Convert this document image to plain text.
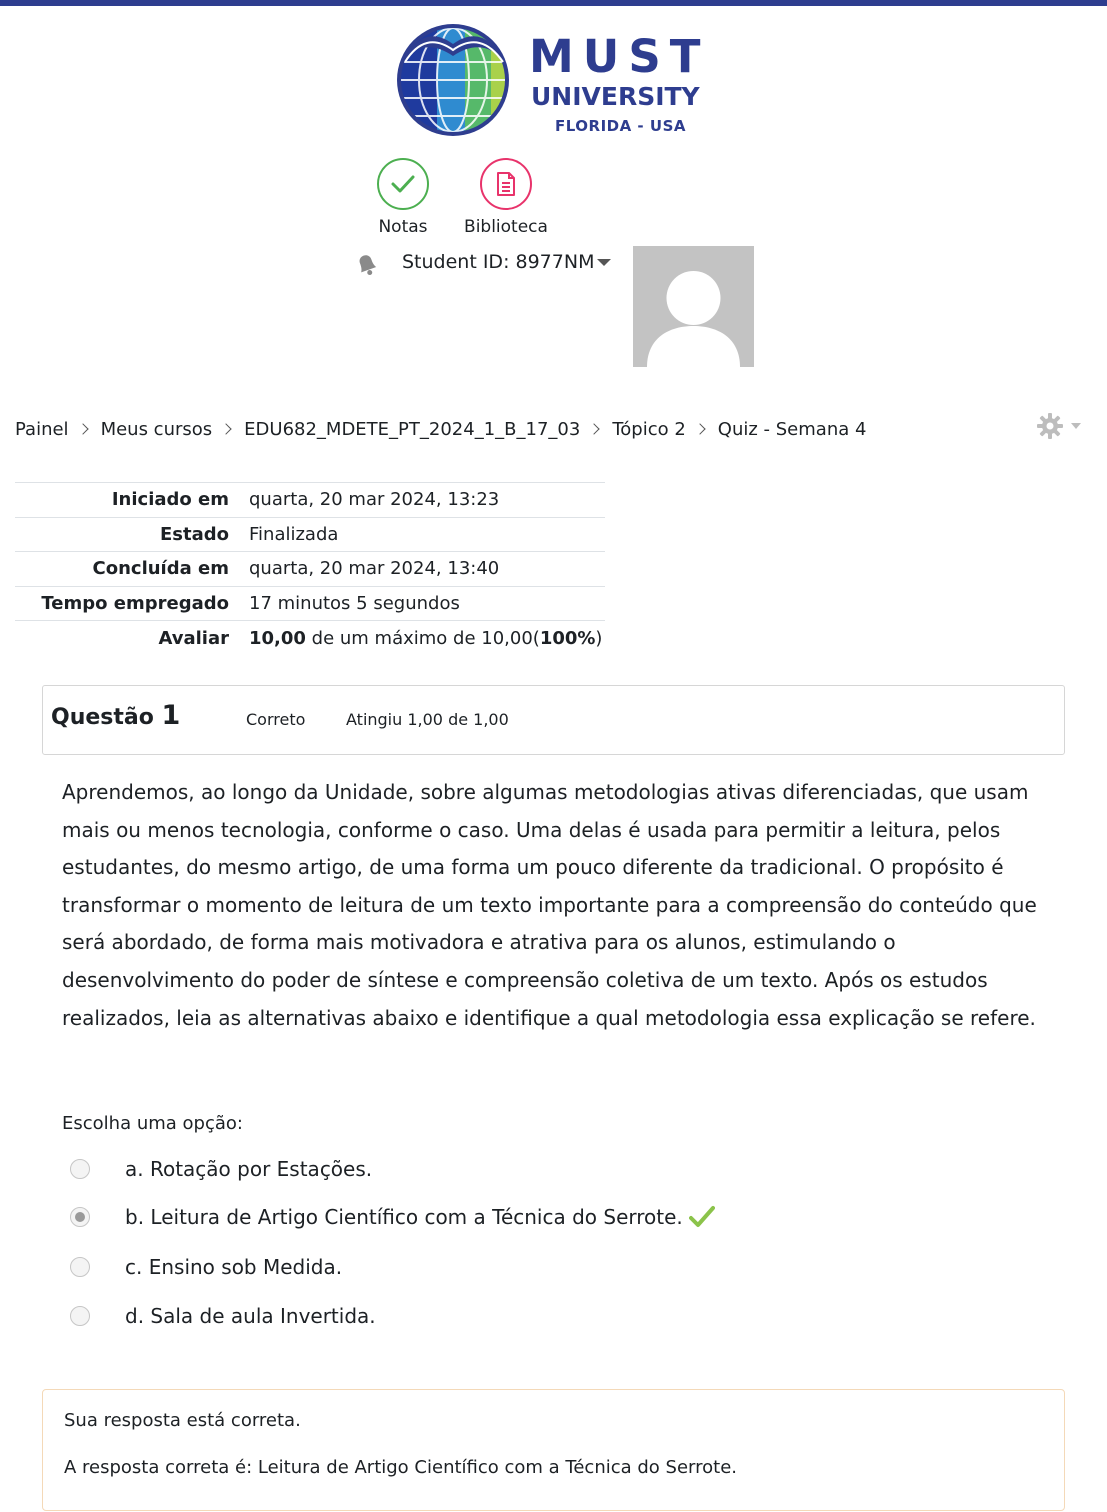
MUST
UNIVERSITY
FLORIDA - USA
Notas	Biblioteca
Student ID: 8977NM
Painel Meus cursos EDU682_MDETE_PT_2024_1_B_17_03 Tópico 2 Quiz - Semana 4
Iniciado em	quarta, 20 mar 2024, 13:23
Estado	Finalizada
Concluída em	quarta, 20 mar 2024, 13:40
Tempo empregado	17 minutos 5 segundos
Avaliar	10,00 de um máximo de 10,00(100%)
Questão 1	Correto	Atingiu 1,00 de 1,00
Aprendemos, ao longo da Unidade, sobre algumas metodologias ativas diferenciadas, que usam mais ou menos tecnologia, conforme o caso. Uma delas é usada para permitir a leitura, pelos estudantes, do mesmo artigo, de uma forma um pouco diferente da tradicional. O propósito é transformar o momento de leitura de um texto importante para a compreensão do conteúdo que será abordado, de forma mais motivadora e atrativa para os alunos, estimulando o desenvolvimento do poder de síntese e compreensão coletiva de um texto. Após os estudos realizados, leia as alternativas abaixo e identifique a qual metodologia essa explicação se refere.
Escolha uma opção:
a. Rotação por Estações.
b. Leitura de Artigo Científico com a Técnica do Serrote.
c. Ensino sob Medida.
d. Sala de aula Invertida.
Sua resposta está correta.
A resposta correta é: Leitura de Artigo Científico com a Técnica do Serrote.
